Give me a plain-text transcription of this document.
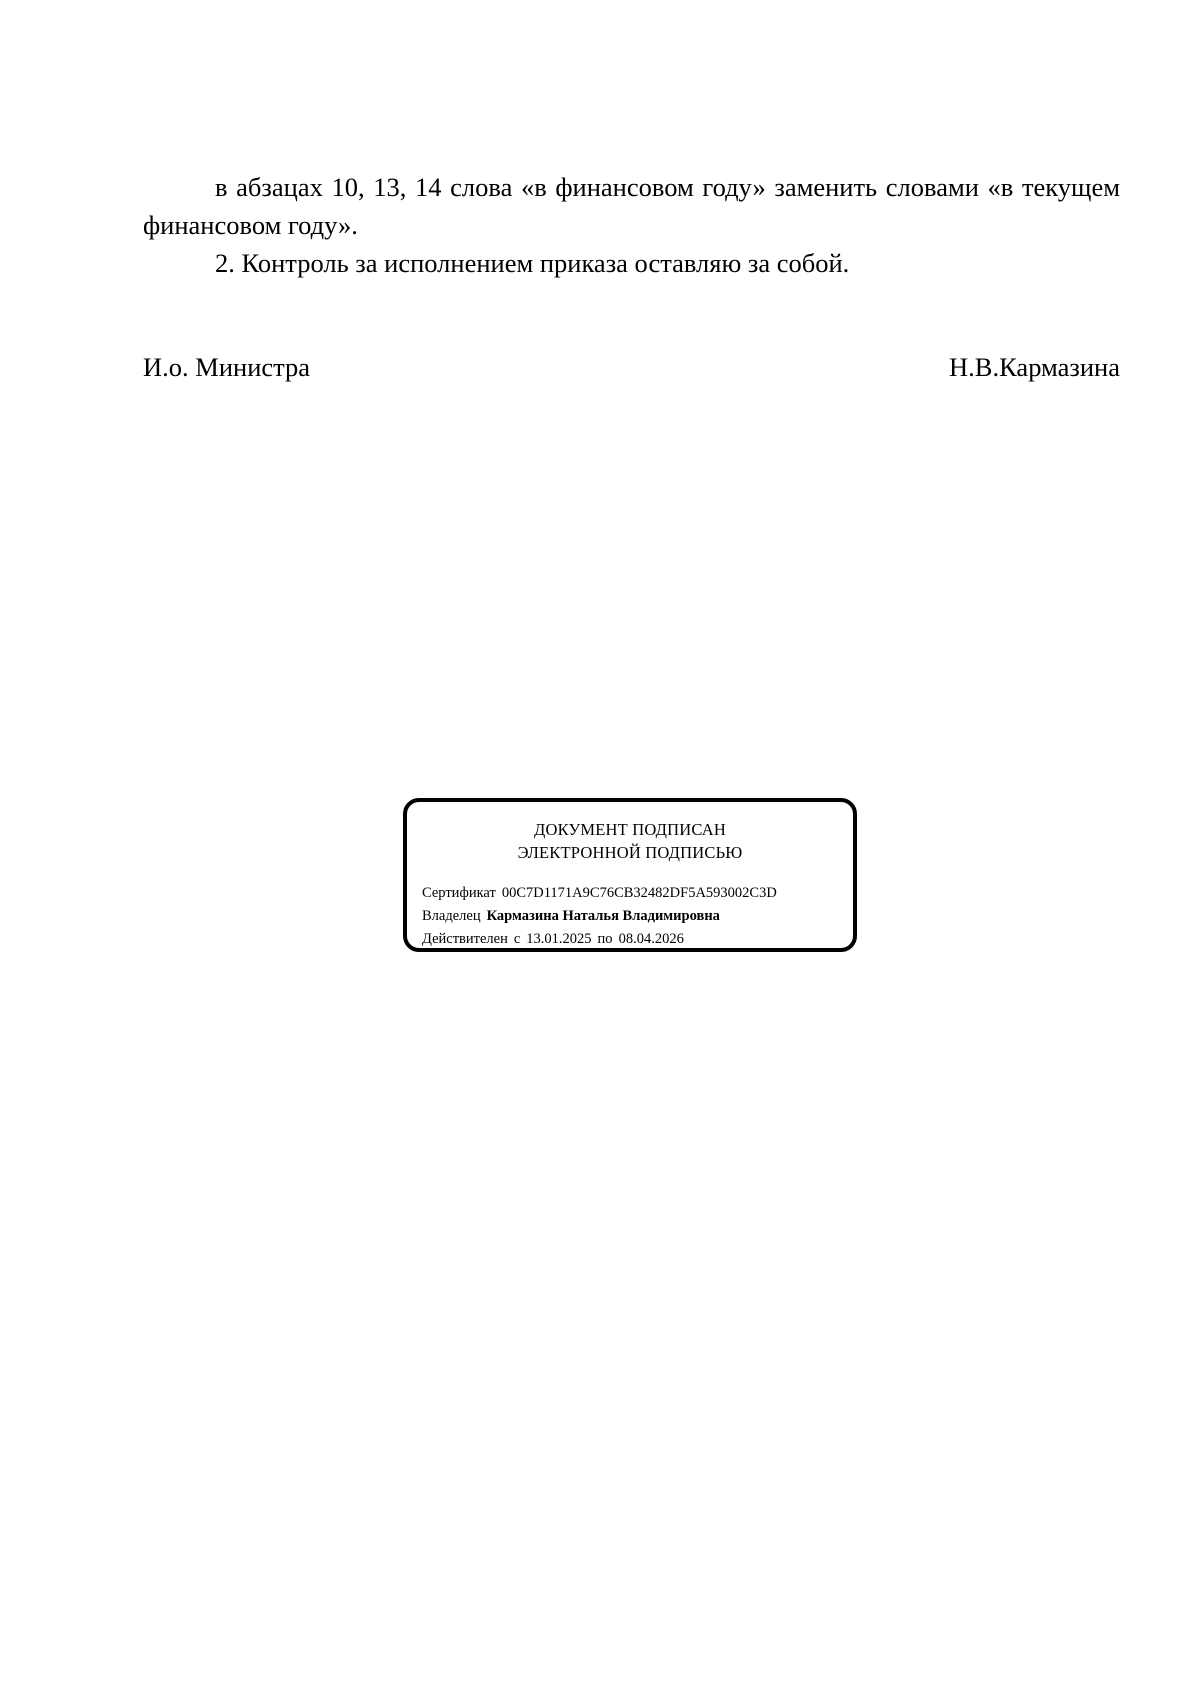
в абзацах 10, 13, 14 слова «в финансовом году» заменить словами «в текущем финансовом году».

2. Контроль за исполнением приказа оставляю за собой.

И.о. Министра	Н.В.Кармазина
ДОКУМЕНТ ПОДПИСАН
ЭЛЕКТРОННОЙ ПОДПИСЬЮ
Сертификат 00C7D1171A9C76CB32482DF5A593002C3D
Владелец Кармазина Наталья Владимировна
Действителен с 13.01.2025 по 08.04.2026
